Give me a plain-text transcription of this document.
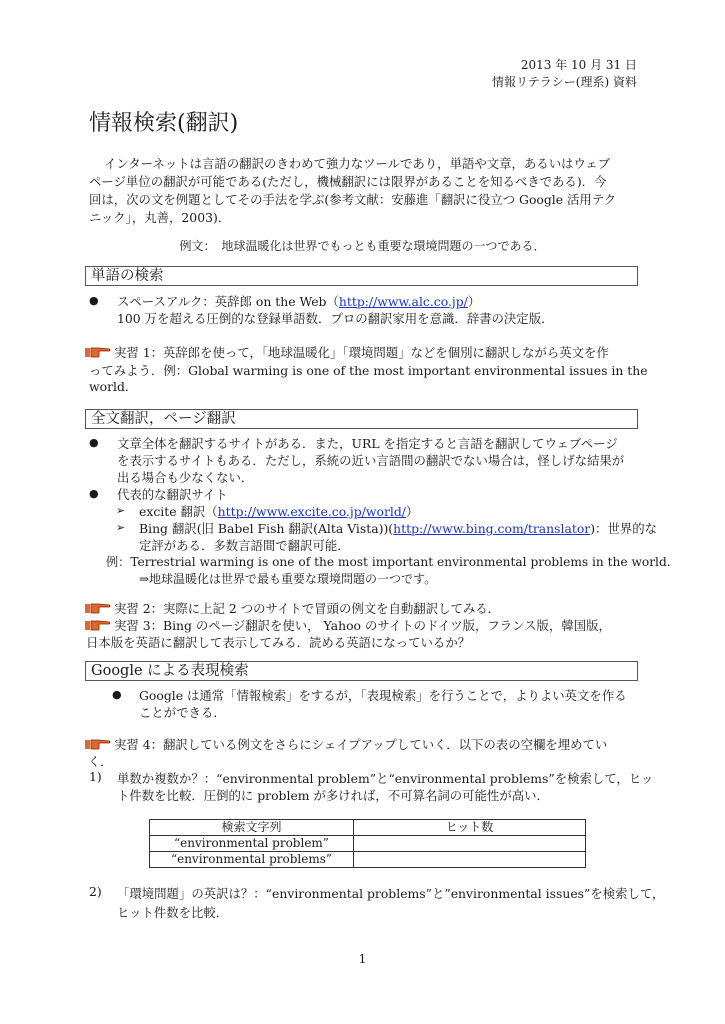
2013 年 10 月 31 日
情報リテラシー(理系) 資料
情報検索(翻訳)
インターネットは言語の翻訳のきわめて強力なツールであり，単語や文章，あるいはウェブ
ページ単位の翻訳が可能である(ただし，機械翻訳には限界があることを知るべきである)．今
回は，次の文を例題としてその手法を学ぶ(参考文献：安藤進「翻訳に役立つ Google 活用テク
ニック」，丸善，2003)．
例文：　地球温暖化は世界でもっとも重要な環境問題の一つである．
単語の検索
● スペースアルク：英辞郎 on the Web（http://www.alc.co.jp/）
100 万を超える圧倒的な登録単語数．プロの翻訳家用を意識．辞書の決定版．
実習 1：英辞郎を使って，「地球温暖化」「環境問題」などを個別に翻訳しながら英文を作
ってみよう．例：Global warming is one of the most important environmental issues in the
world.
全文翻訳，ページ翻訳
● 文章全体を翻訳するサイトがある．また，URL を指定すると言語を翻訳してウェブページ
を表示するサイトもある．ただし，系統の近い言語間の翻訳でない場合は，怪しげな結果が
出る場合も少なくない．
● 代表的な翻訳サイト
➢ excite 翻訳（http://www.excite.co.jp/world/）
➢ Bing 翻訳(旧 Babel Fish 翻訳(Alta Vista))(http://www.bing.com/translator)：世界的な
定評がある．多数言語間で翻訳可能．
例：Terrestrial warming is one of the most important environmental problems in the world.
⇒地球温暖化は世界で最も重要な環境問題の一つです。
実習 2：実際に上記 2 つのサイトで冒頭の例文を自動翻訳してみる．
実習 3：Bing のページ翻訳を使い， Yahoo のサイトのドイツ版，フランス版，韓国版，
日本版を英語に翻訳して表示してみる．読める英語になっているか？
Google による表現検索
● Google は通常「情報検索」をするが，「表現検索」を行うことで，よりよい英文を作る
ことができる．
実習 4：翻訳している例文をさらにシェイプアップしていく．以下の表の空欄を埋めてい
く．
1) 単数か複数か？：“environmental problem”と“environmental problems”を検索して，ヒッ
ト件数を比較．圧倒的に problem が多ければ，不可算名詞の可能性が高い．
検索文字列	ヒット数
“environmental problem”	
“environmental problems”	
2) 「環境問題」の英訳は？：“environmental problems”と”environmental issues”を検索して，
ヒット件数を比較．
1
